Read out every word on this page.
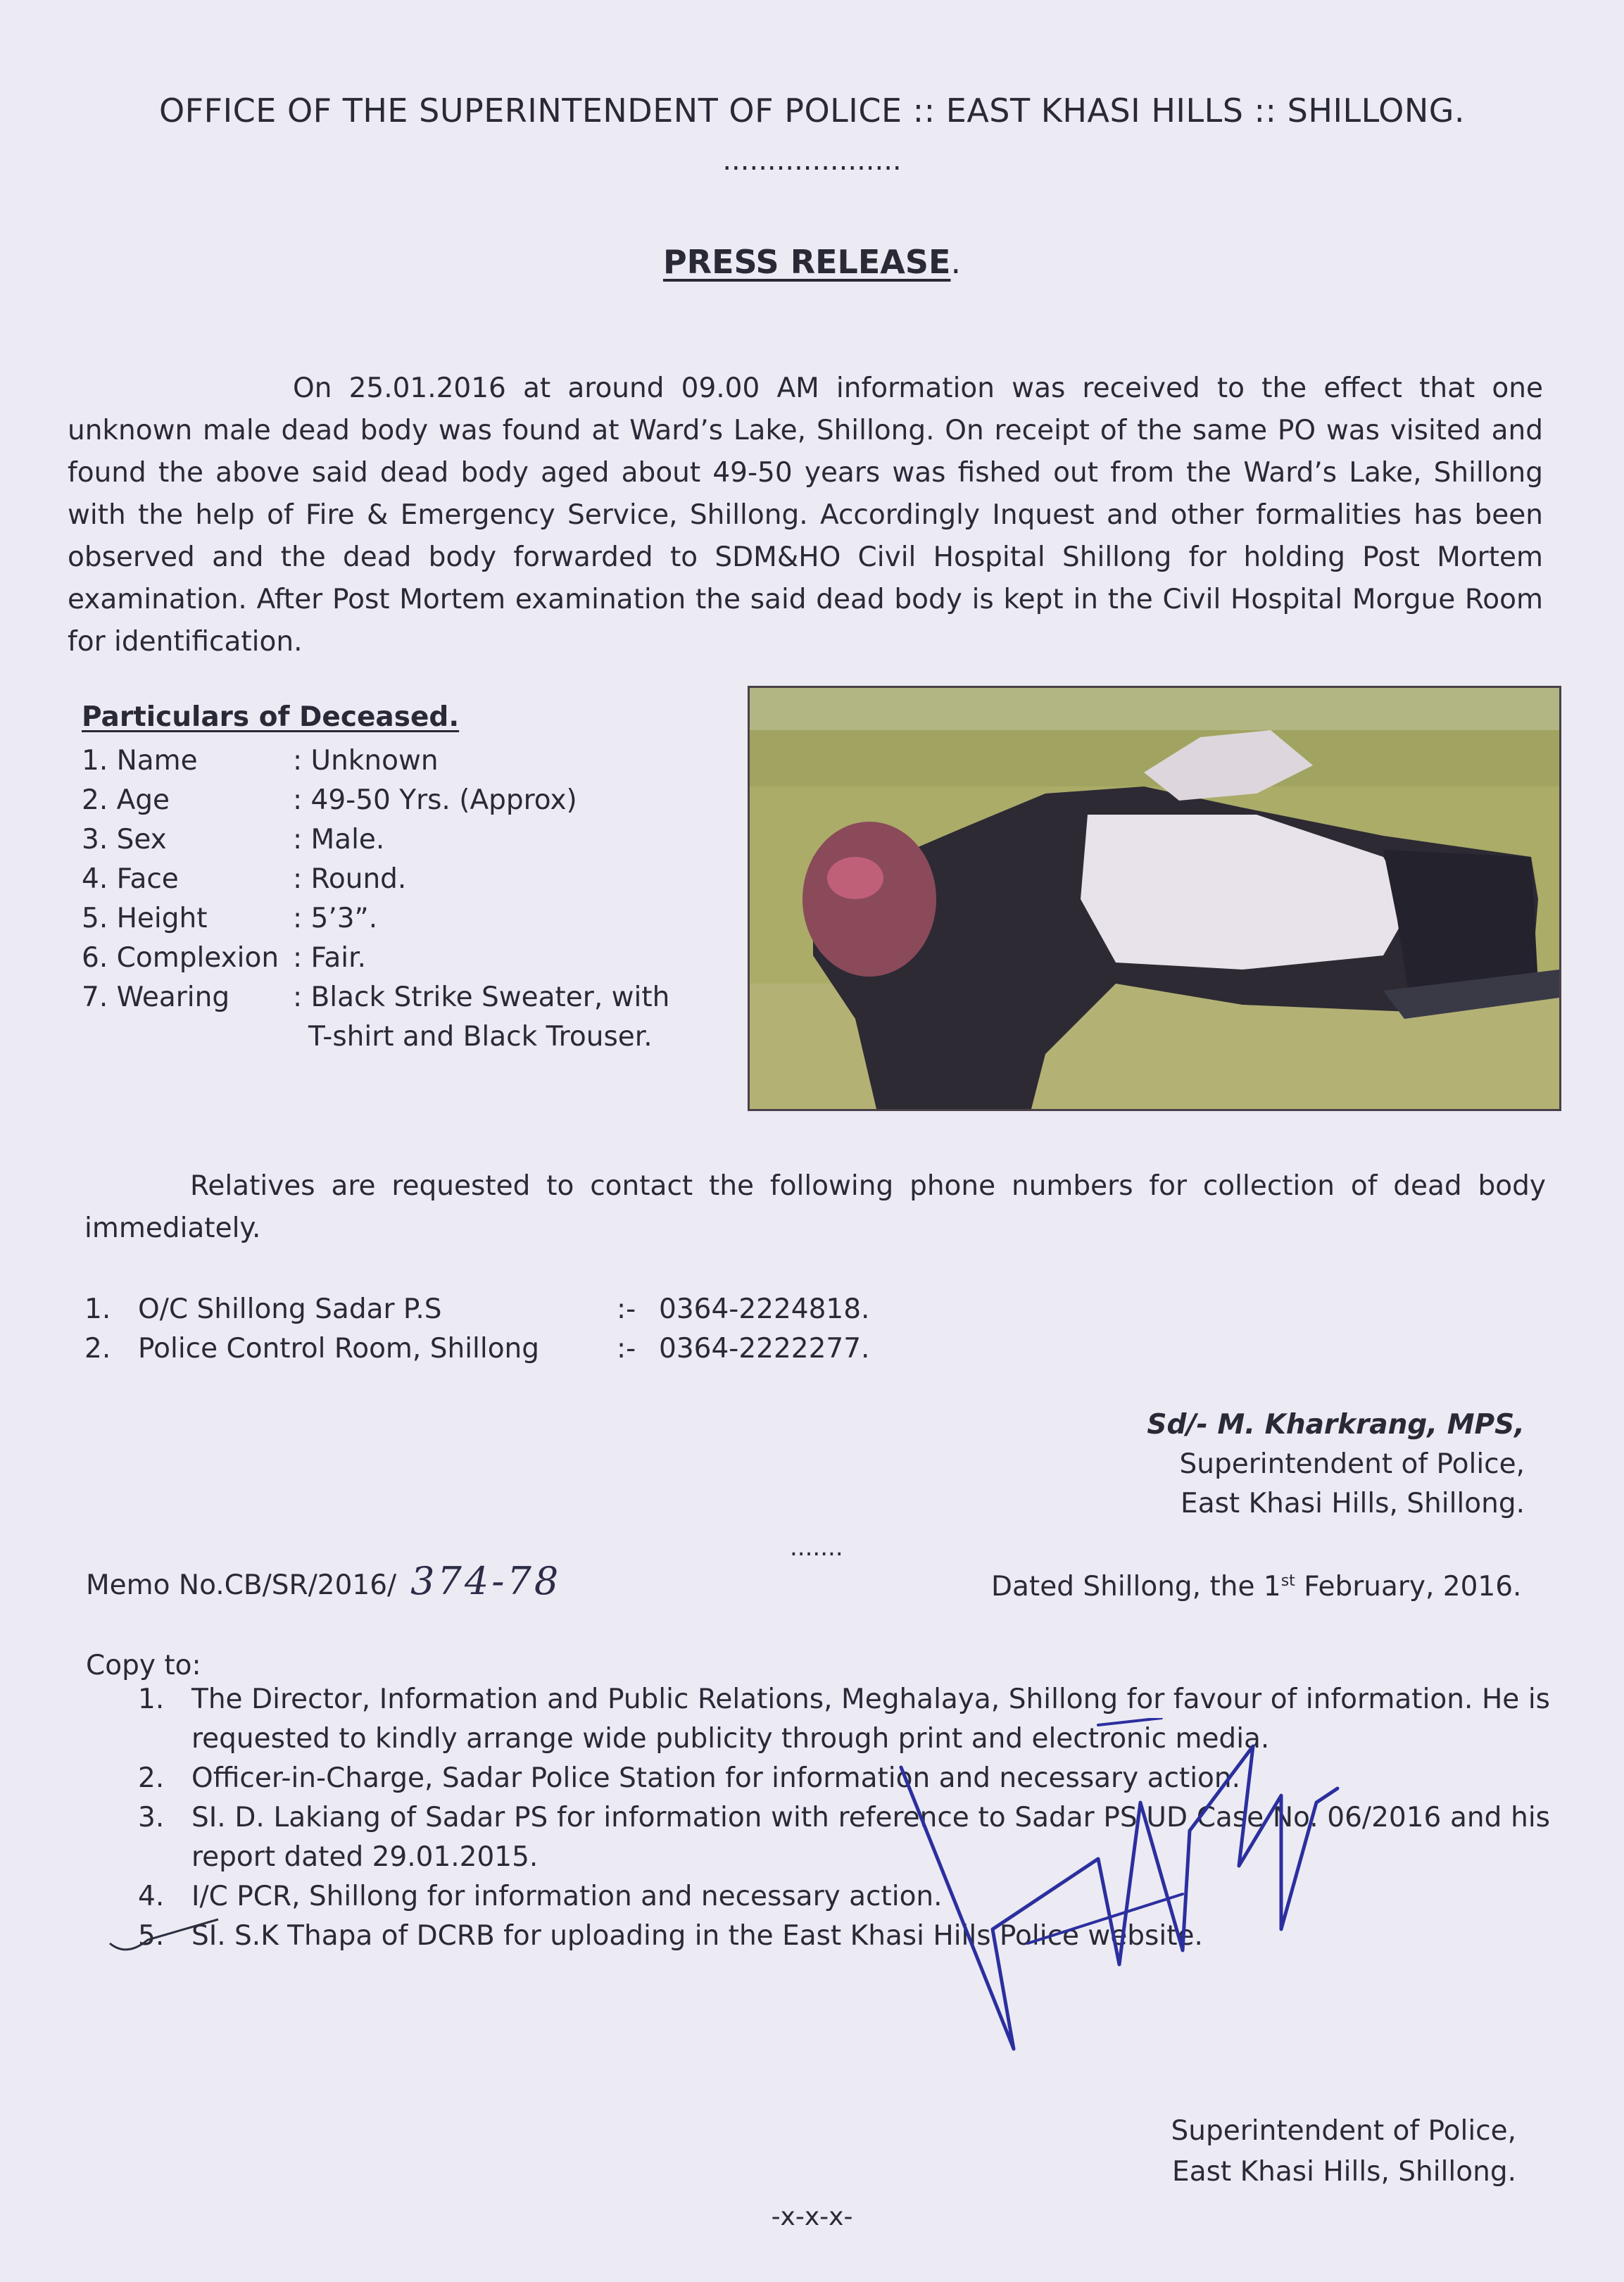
OFFICE OF THE SUPERINTENDENT OF POLICE :: EAST KHASI HILLS :: SHILLONG.
....................
PRESS RELEASE.
On 25.01.2016 at around 09.00 AM information was received to the effect that one unknown male dead body was found at Ward’s Lake, Shillong. On receipt of the same PO was visited and found the above said dead body aged about 49-50 years was fished out from the Ward’s Lake, Shillong with the help of Fire & Emergency Service, Shillong. Accordingly Inquest and other formalities has been observed and the dead body forwarded to SDM&HO Civil Hospital Shillong for holding Post Mortem examination. After Post Mortem examination the said dead body is kept in the Civil Hospital Morgue Room for identification.
Particulars of Deceased.
1. Name	: Unknown
2. Age	: 49-50 Yrs. (Approx)
3. Sex	: Male.
4. Face	: Round.
5. Height	: 5’3”.
6. Complexion : Fair.
7. Wearing	: Black Strike Sweater, with
T-shirt and Black Trouser.
Relatives are requested to contact the following phone numbers for collection of dead body immediately.
1. O/C Shillong Sadar P.S	:- 0364-2224818.
2. Police Control Room, Shillong	:- 0364-2222277.
Sd/- M. Kharkrang, MPS,
Superintendent of Police,
East Khasi Hills, Shillong.
.......
Memo No.CB/SR/2016/ 374-78	Dated Shillong, the 1st February, 2016.
Copy to:
1. The Director, Information and Public Relations, Meghalaya, Shillong for favour of information. He is requested to kindly arrange wide publicity through print and electronic media.
2. Officer-in-Charge, Sadar Police Station for information and necessary action.
3. SI. D. Lakiang of Sadar PS for information with reference to Sadar PS UD Case No. 06/2016 and his report dated 29.01.2015.
4. I/C PCR, Shillong for information and necessary action.
5. SI. S.K Thapa of DCRB for uploading in the East Khasi Hills Police website.
Superintendent of Police,
East Khasi Hills, Shillong.
-x-x-x-
